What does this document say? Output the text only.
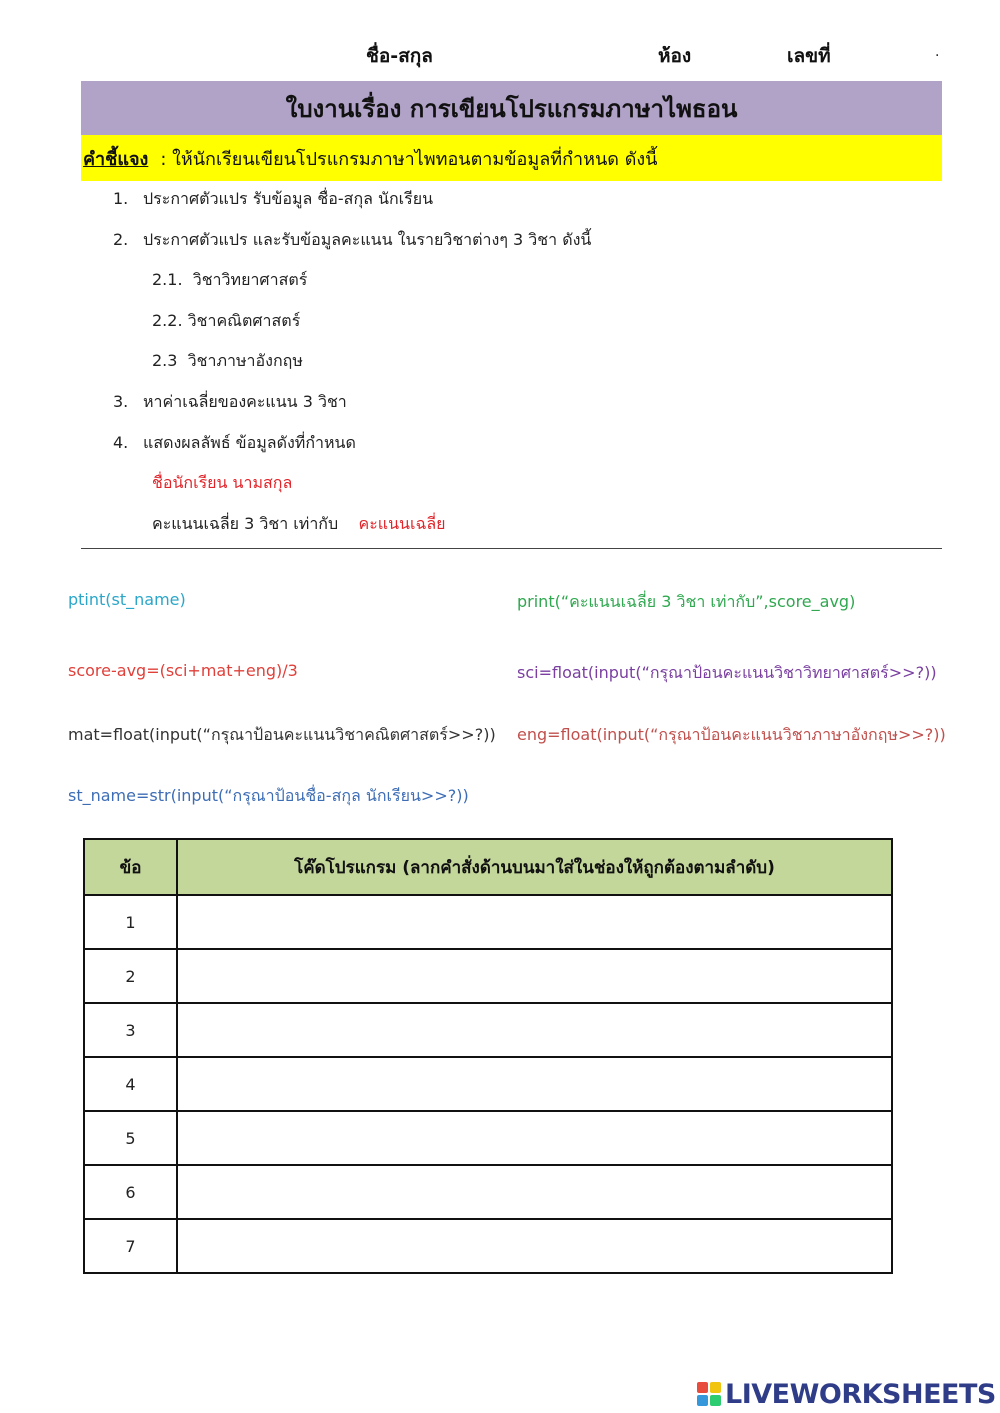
ชื่อ-สกุล	ห้อง	เลขที่	.
ใบงานเรื่อง การเขียนโปรแกรมภาษาไพธอน
คำชี้แจง : ให้นักเรียนเขียนโปรแกรมภาษาไพทอนตามข้อมูลที่กำหนด ดังนี้
1. ประกาศตัวแปร รับข้อมูล ชื่อ-สกุล นักเรียน
2. ประกาศตัวแปร และรับข้อมูลคะแนน ในรายวิชาต่างๆ 3 วิชา ดังนี้
2.1. วิชาวิทยาศาสตร์
2.2. วิชาคณิตศาสตร์
2.3 วิชาภาษาอังกฤษ
3. หาค่าเฉลี่ยของคะแนน 3 วิชา
4. แสดงผลลัพธ์ ข้อมูลดังที่กำหนด
ชื่อนักเรียน นามสกุล
คะแนนเฉลี่ย 3 วิชา เท่ากับ คะแนนเฉลี่ย
ptint(st_name)	print(“คะแนนเฉลี่ย 3 วิชา เท่ากับ”,score_avg)
score-avg=(sci+mat+eng)/3	sci=float(input(“กรุณาป้อนคะแนนวิชาวิทยาศาสตร์>>?))
mat=float(input(“กรุณาป้อนคะแนนวิชาคณิตศาสตร์>>?)) eng=float(input(“กรุณาป้อนคะแนนวิชาภาษาอังกฤษ>>?))
st_name=str(input(“กรุณาป้อนชื่อ-สกุล นักเรียน>>?))
ข้อ	โค๊ดโปรแกรม (ลากคำสั่งด้านบนมาใส่ในช่องให้ถูกต้องตามลำดับ)
1	
2	
3	
4	
5	
6	
7	
LIVEWORKSHEETS
